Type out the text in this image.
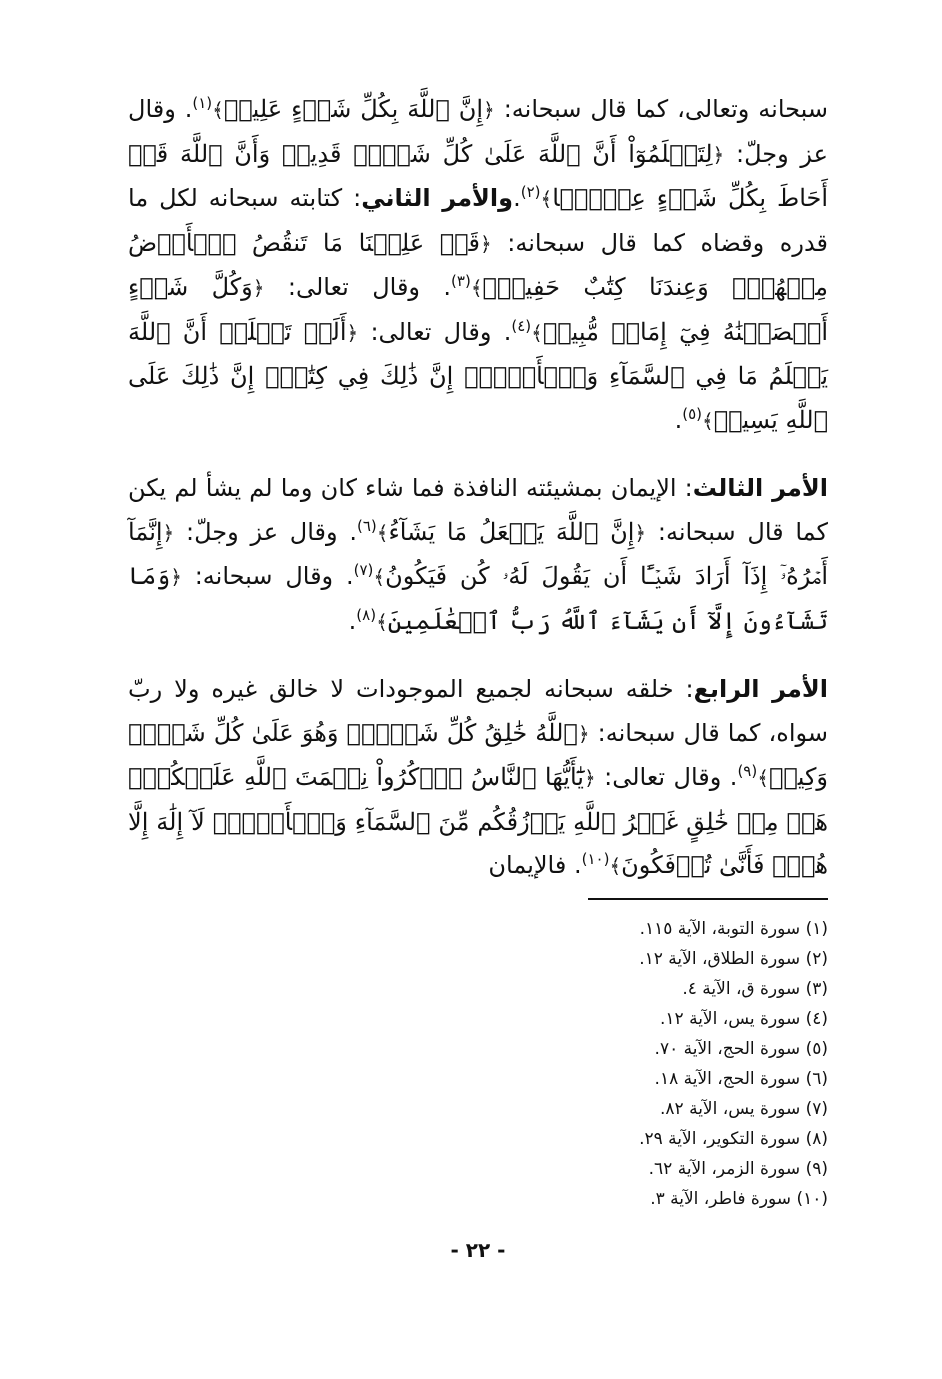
سبحانه وتعالى، كما قال سبحانه: ﴿إِنَّ ٱللَّهَ بِكُلِّ شَيۡءٍ عَلِيمٞ﴾$^{(١)}$. وقال عز وجلّ: ﴿لِتَعۡلَمُوٓاْ أَنَّ ٱللَّهَ عَلَىٰ كُلِّ شَيۡءٖ قَدِيرٞ وَأَنَّ ٱللَّهَ قَدۡ أَحَاطَ بِكُلِّ شَيۡءٍ عِلۡمَۢا﴾$^{(٢)}$.والأمر الثاني: كتابته سبحانه لكل ما قدره وقضاه كما قال سبحانه: ﴿قَدۡ عَلِمۡنَا مَا تَنقُصُ ٱلۡأَرۡضُ مِنۡهُمۡۖ وَعِندَنَا كِتَٰبٌ حَفِيظُۢ﴾$^{(٣)}$. وقال تعالى: ﴿وَكُلَّ شَيۡءٍ أَحۡصَيۡنَٰهُ فِيٓ إِمَامٖ مُّبِينٖ﴾$^{(٤)}$. وقال تعالى: ﴿أَلَمۡ تَعۡلَمۡ أَنَّ ٱللَّهَ يَعۡلَمُ مَا فِي ٱلسَّمَآءِ وَٱلۡأَرۡضِۚ إِنَّ ذَٰلِكَ فِي كِتَٰبٍۚ إِنَّ ذَٰلِكَ عَلَى ٱللَّهِ يَسِيرٞ﴾$^{(٥)}$.

الأمر الثالث: الإيمان بمشيئته النافذة فما شاء كان وما لم يشأ لم يكن كما قال سبحانه: ﴿إِنَّ ٱللَّهَ يَفۡعَلُ مَا يَشَآءُ﴾$^{(٦)}$. وقال عز وجلّ: ﴿إِنَّمَآ أَمۡرُهُۥٓ إِذَآ أَرَادَ شَيۡـًٔا أَن يَقُولَ لَهُۥ كُن فَيَكُونُ﴾$^{(٧)}$. وقال سبحانه: ﴿وَمَا تَشَآءُونَ إِلَّآ أَن يَشَآءَ ٱللَّهُ رَبُّ ٱلۡعَٰلَمِينَ﴾$^{(٨)}$.

الأمر الرابع: خلقه سبحانه لجميع الموجودات لا خالق غيره ولا ربّ سواه، كما قال سبحانه: ﴿ٱللَّهُ خَٰلِقُ كُلِّ شَيۡءٖۖ وَهُوَ عَلَىٰ كُلِّ شَيۡءٖ وَكِيلٞ﴾$^{(٩)}$. وقال تعالى: ﴿يَٰٓأَيُّهَا ٱلنَّاسُ ٱذۡكُرُواْ نِعۡمَتَ ٱللَّهِ عَلَيۡكُمۡۚ هَلۡ مِنۡ خَٰلِقٍ غَيۡرُ ٱللَّهِ يَرۡزُقُكُم مِّنَ ٱلسَّمَآءِ وَٱلۡأَرۡضِۚ لَآ إِلَٰهَ إِلَّا هُوَۖ فَأَنَّىٰ تُؤۡفَكُونَ﴾$^{(١٠)}$. فالإيمان

(١) سورة التوبة، الآية ١١٥.
(٢) سورة الطلاق، الآية ١٢.
(٣) سورة ق، الآية ٤.
(٤) سورة يس، الآية ١٢.
(٥) سورة الحج، الآية ٧٠.
(٦) سورة الحج، الآية ١٨.
(٧) سورة يس، الآية ٨٢.
(٨) سورة التكوير، الآية ٢٩.
(٩) سورة الزمر، الآية ٦٢.
(١٠) سورة فاطر، الآية ٣.
- ٢٢ -
